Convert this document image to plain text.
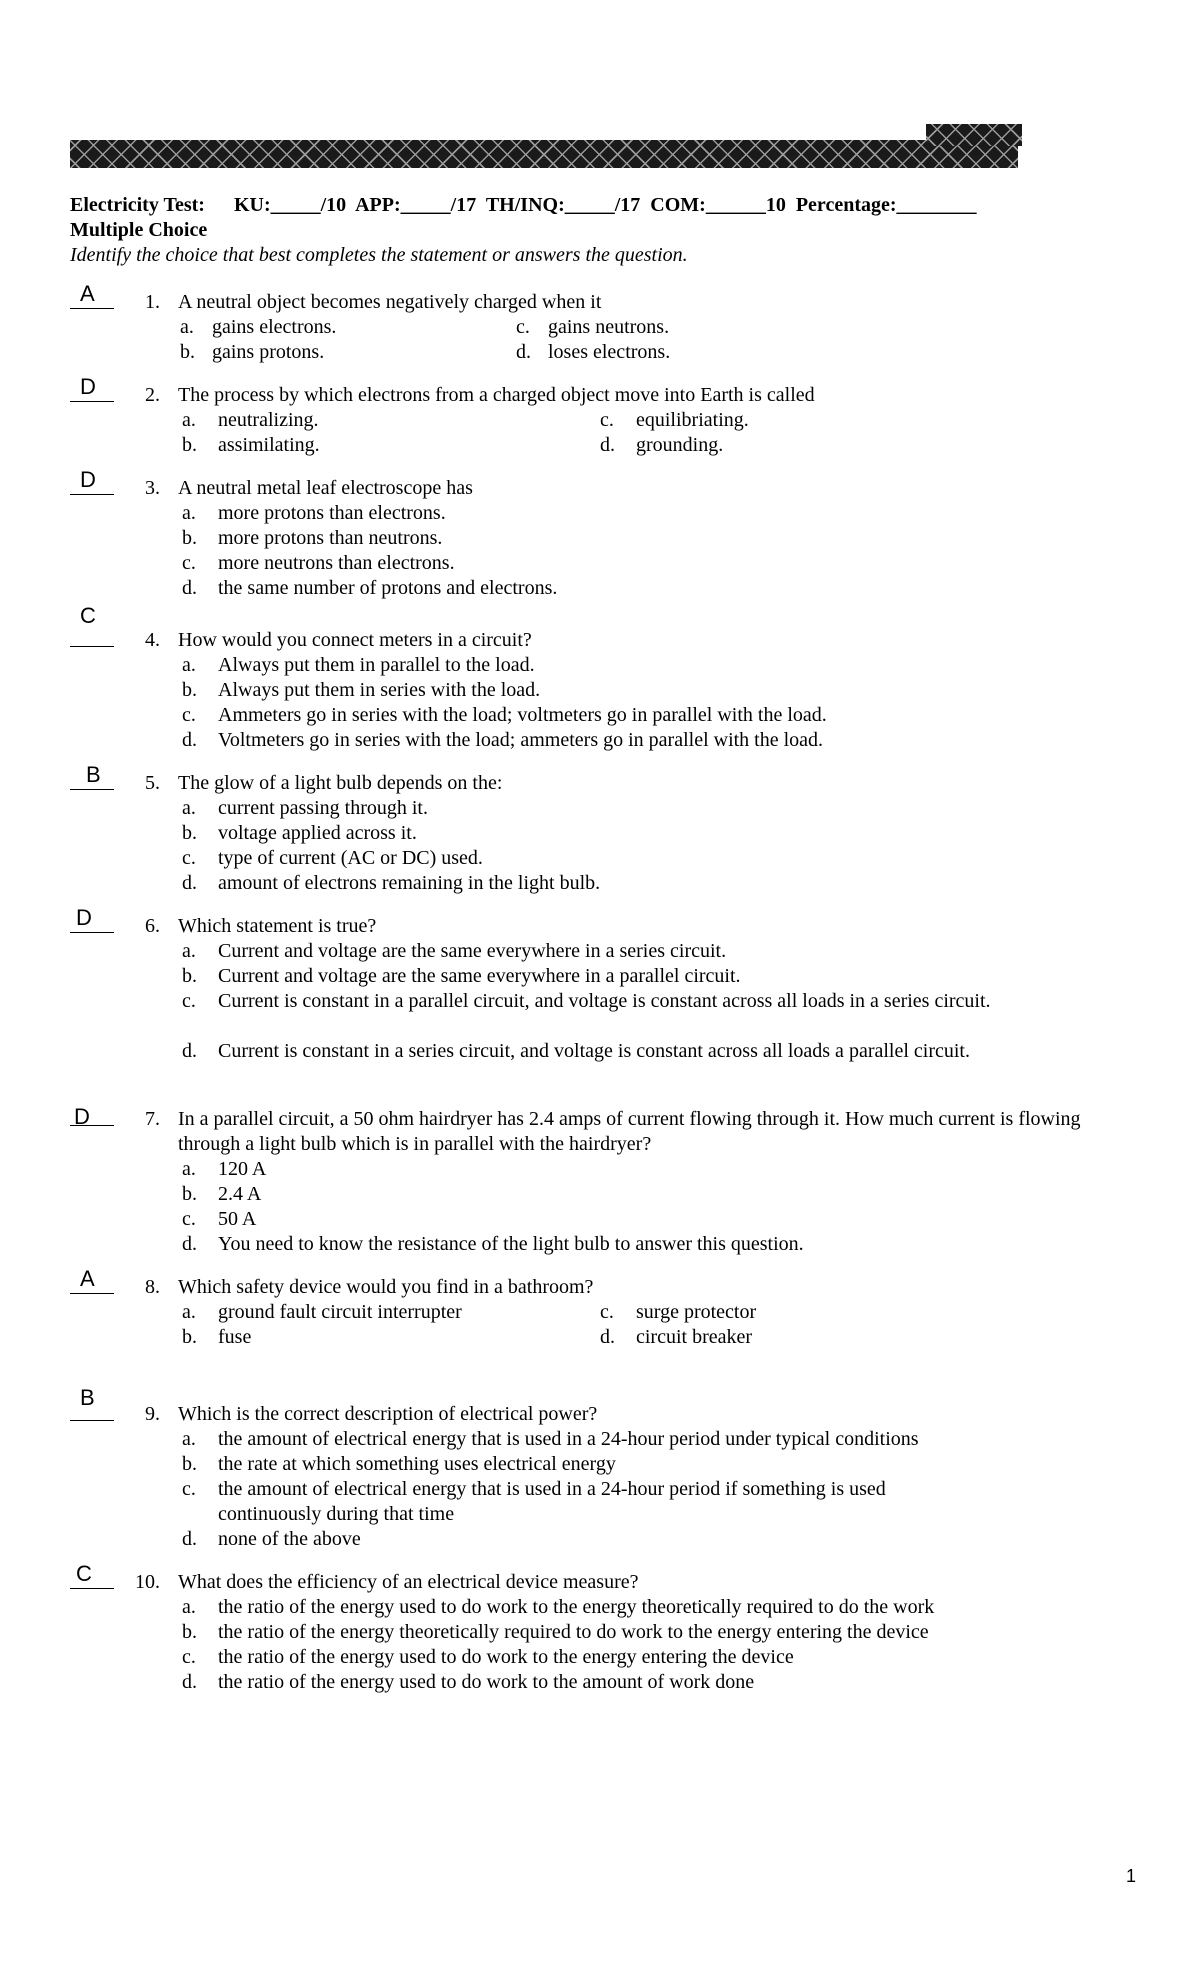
Electricity Test: KU:_____/10 APP:_____/17 TH/INQ:_____/17 COM:______10 Percentage:________
Multiple Choice
Identify the choice that best completes the statement or answers the question.
A	1. A neutral object becomes negatively charged when it
a. gains electrons.
b. gains protons.
c. gains neutrons.
d. loses electrons.
D	2. The process by which electrons from a charged object move into Earth is called
a. neutralizing.
b. assimilating.
c. equilibriating.
d. grounding.
D	3. A neutral metal leaf electroscope has
a. more protons than electrons.
b. more protons than neutrons.
c. more neutrons than electrons.
d. the same number of protons and electrons.
C
4. How would you connect meters in a circuit?
a. Always put them in parallel to the load.
b. Always put them in series with the load.
c. Ammeters go in series with the load; voltmeters go in parallel with the load.
d. Voltmeters go in series with the load; ammeters go in parallel with the load.
B	5. The glow of a light bulb depends on the:
a. current passing through it.
b. voltage applied across it.
c. type of current (AC or DC) used.
d. amount of electrons remaining in the light bulb.
D	6. Which statement is true?
a. Current and voltage are the same everywhere in a series circuit.
b. Current and voltage are the same everywhere in a parallel circuit.
c.	Current is constant in a parallel circuit, and voltage is constant across all loads in a series circuit.
d.	Current is constant in a series circuit, and voltage is constant across all loads a parallel circuit.
D	7. In a parallel circuit, a 50 ohm hairdryer has 2.4 amps of current flowing through it. How much current is flowing through a light bulb which is in parallel with the hairdryer?
a. 120 A
b. 2.4 A
c. 50 A
d. You need to know the resistance of the light bulb to answer this question.
A	8. Which safety device would you find in a bathroom?
a. ground fault circuit interrupter
b. fuse
c. surge protector
d. circuit breaker
B
9. Which is the correct description of electrical power?
a. the amount of electrical energy that is used in a 24-hour period under typical conditions
b. the rate at which something uses electrical energy
c.	the amount of electrical energy that is used in a 24-hour period if something is used continuously during that time
d. none of the above
C	10. What does the efficiency of an electrical device measure?
a. the ratio of the energy used to do work to the energy theoretically required to do the work
b. the ratio of the energy theoretically required to do work to the energy entering the device
c. the ratio of the energy used to do work to the energy entering the device
d. the ratio of the energy used to do work to the amount of work done
1
